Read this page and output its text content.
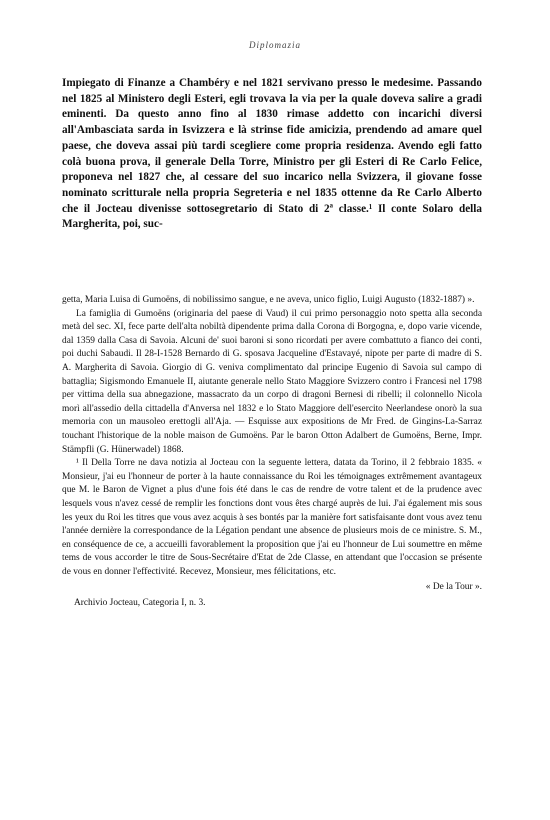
Diplomazia

Impiegato di Finanze a Chambéry e nel 1821 servivano presso le medesime. Passando nel 1825 al Ministero degli Esteri, egli trovava la via per la quale doveva salire a gradi eminenti. Da questo anno fino al 1830 rimase addetto con incarichi diversi all'Ambasciata sarda in Isvizzera e là strinse fide amicizia, prendendo ad amare quel paese, che doveva assai più tardi scegliere come propria residenza. Avendo egli fatto colà buona prova, il generale Della Torre, Ministro per gli Esteri di Re Carlo Felice, proponeva nel 1827 che, al cessare del suo incarico nella Svizzera, il giovane fosse nominato scritturale nella propria Segreteria e nel 1835 ottenne da Re Carlo Alberto che il Jocteau divenisse sottosegretario di Stato di 2ª classe.¹ Il conte Solaro della Margherita, poi, suc-

getta, Maria Luisa di Gumoëns, di nobilissimo sangue, e ne aveva, unico figlio, Luigi Augusto (1832-1887) ».

La famiglia di Gumoëns (originaria del paese di Vaud) il cui primo personaggio noto spetta alla seconda metà del sec. XI, fece parte dell'alta nobiltà dipendente prima dalla Corona di Borgogna, e, dopo varie vicende, dal 1359 dalla Casa di Savoia. Alcuni de' suoi baroni si sono ricordati per avere combattuto a fianco dei conti, poi duchi Sabaudi. Il 28-I-1528 Bernardo di G. sposava Jacqueline d'Estavayé, nipote per parte di madre di S. A. Margherita di Savoia. Giorgio di G. veniva complimentato dal principe Eugenio di Savoia sul campo di battaglia; Sigismondo Emanuele II, aiutante generale nello Stato Maggiore Svizzero contro i Francesi nel 1798 per vittima della sua abnegazione, massacrato da un corpo di dragoni Bernesi di ribelli; il colonnello Nicola morì all'assedio della cittadella d'Anversa nel 1832 e lo Stato Maggiore dell'esercito Neerlandese onorò la sua memoria con un mausoleo erettogli all'Aja. — Esquisse aux expositions de Mr Fred. de Gingins-La-Sarraz touchant l'historique de la noble maison de Gumoëns. Par le baron Otton Adalbert de Gumoëns, Berne, Impr. Stämpfli (G. Hünerwadel) 1868.

¹ Il Della Torre ne dava notizia al Jocteau con la seguente lettera, datata da Torino, il 2 febbraio 1835. « Monsieur, j'ai eu l'honneur de porter à la haute connaissance du Roi les témoignages extrêmement avantageux que M. le Baron de Vignet a plus d'une fois été dans le cas de rendre de votre talent et de la prudence avec lesquels vous n'avez cessé de remplir les fonctions dont vous êtes chargé auprès de lui. J'ai également mis sous les yeux du Roi les titres que vous avez acquis à ses bontés par la manière fort satisfaisante dont vous avez tenu l'année dernière la correspondance de la Légation pendant une absence de plusieurs mois de ce ministre. S. M., en conséquence de ce, a accueilli favorablement la proposition que j'ai eu l'honneur de Lui soumettre en même tems de vous accorder le titre de Sous-Secrétaire d'Etat de 2de Classe, en attendant que l'occasion se présente de vous en donner l'effectivité. Recevez, Monsieur, mes félicitations, etc.

« De la Tour ».

Archivio Jocteau, Categoria I, n. 3.
